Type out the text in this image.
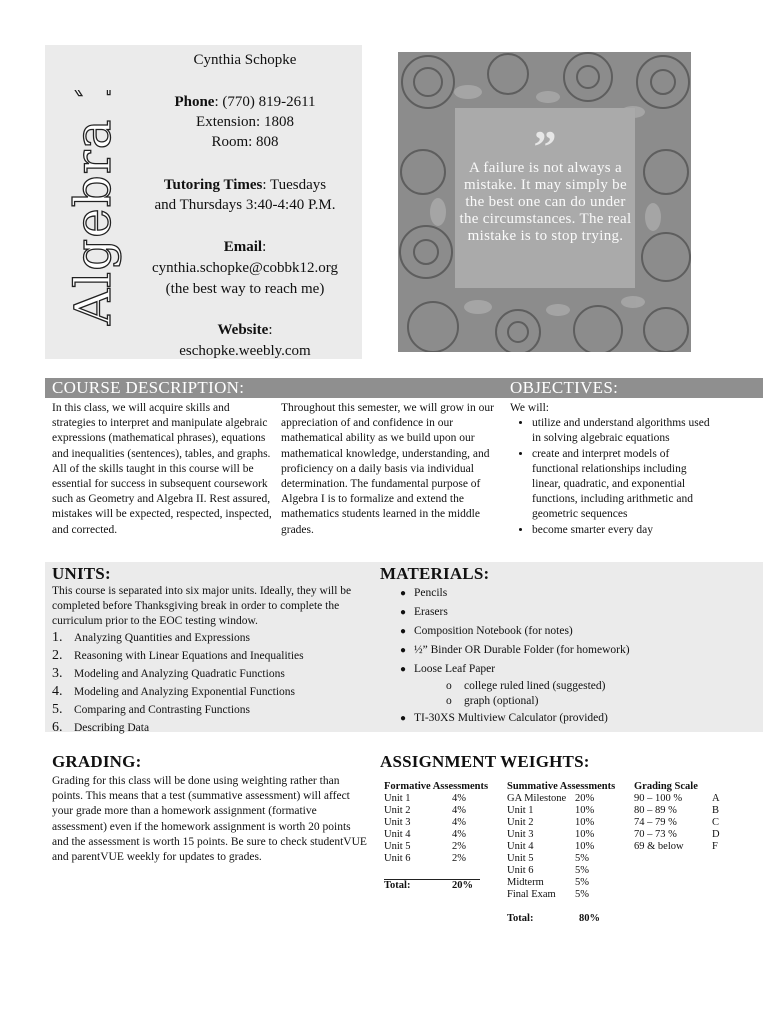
Algebra 1
Cynthia Schopke
Phone: (770) 819-2611
Extension: 1808
Room: 808
Tutoring Times: Tuesdays
and Thursdays 3:40-4:40 P.M.
Email:
cynthia.schopke@cobbk12.org
(the best way to reach me)
Website:
eschopke.weebly.com
”
A failure is not always a mistake. It may simply be the best one can do under the circumstances. The real mistake is to stop trying.
COURSE DESCRIPTION:	OBJECTIVES:
In this class, we will acquire skills and strategies to interpret and manipulate algebraic expressions (mathematical phrases), equations and inequalities (sentences), tables, and graphs. All of the skills taught in this course will be essential for success in subsequent coursework such as Geometry and Algebra II. Rest assured, mistakes will be expected, respected, inspected, and corrected.
Throughout this semester, we will grow in our appreciation of and confidence in our mathematical ability as we build upon our mathematical knowledge, understanding, and proficiency on a daily basis via individual determination. The fundamental purpose of Algebra I is to formalize and extend the mathematics students learned in the middle grades.
We will:
• utilize and understand algorithms used in solving algebraic equations
• create and interpret models of functional relationships including linear, quadratic, and exponential functions, including arithmetic and geometric sequences
• become smarter every day
UNITS:
This course is separated into six major units. Ideally, they will be completed before Thanksgiving break in order to complete the curriculum prior to the EOC testing window.
1. Analyzing Quantities and Expressions
2. Reasoning with Linear Equations and Inequalities
3. Modeling and Analyzing Quadratic Functions
4. Modeling and Analyzing Exponential Functions
5. Comparing and Contrasting Functions
6. Describing Data
MATERIALS:
● Pencils
● Erasers
● Composition Notebook (for notes)
● ½” Binder OR Durable Folder (for homework)
● Loose Leaf Paper
o college ruled lined (suggested)
o graph (optional)
● TI-30XS Multiview Calculator (provided)
GRADING:
Grading for this class will be done using weighting rather than points. This means that a test (summative assessment) will affect your grade more than a homework assignment (formative assessment) even if the homework assignment is worth 20 points and the assessment is worth 15 points. Be sure to check studentVUE and parentVUE weekly for updates to grades.
ASSIGNMENT WEIGHTS:
Formative Assessments
Unit 1	4%
Unit 2	4%
Unit 3	4%
Unit 4	4%
Unit 5	2%
Unit 6	2%
Total:	20%
Summative Assessments
GA Milestone 20%
Unit 1	10%
Unit 2	10%
Unit 3	10%
Unit 4	10%
Unit 5	5%
Unit 6	5%
Midterm	5%
Final Exam	5%
Total:	80%
Grading Scale
90 – 100 %	A
80 – 89 %	B
74 – 79 %	C
70 – 73 %	D
69 & below	F
